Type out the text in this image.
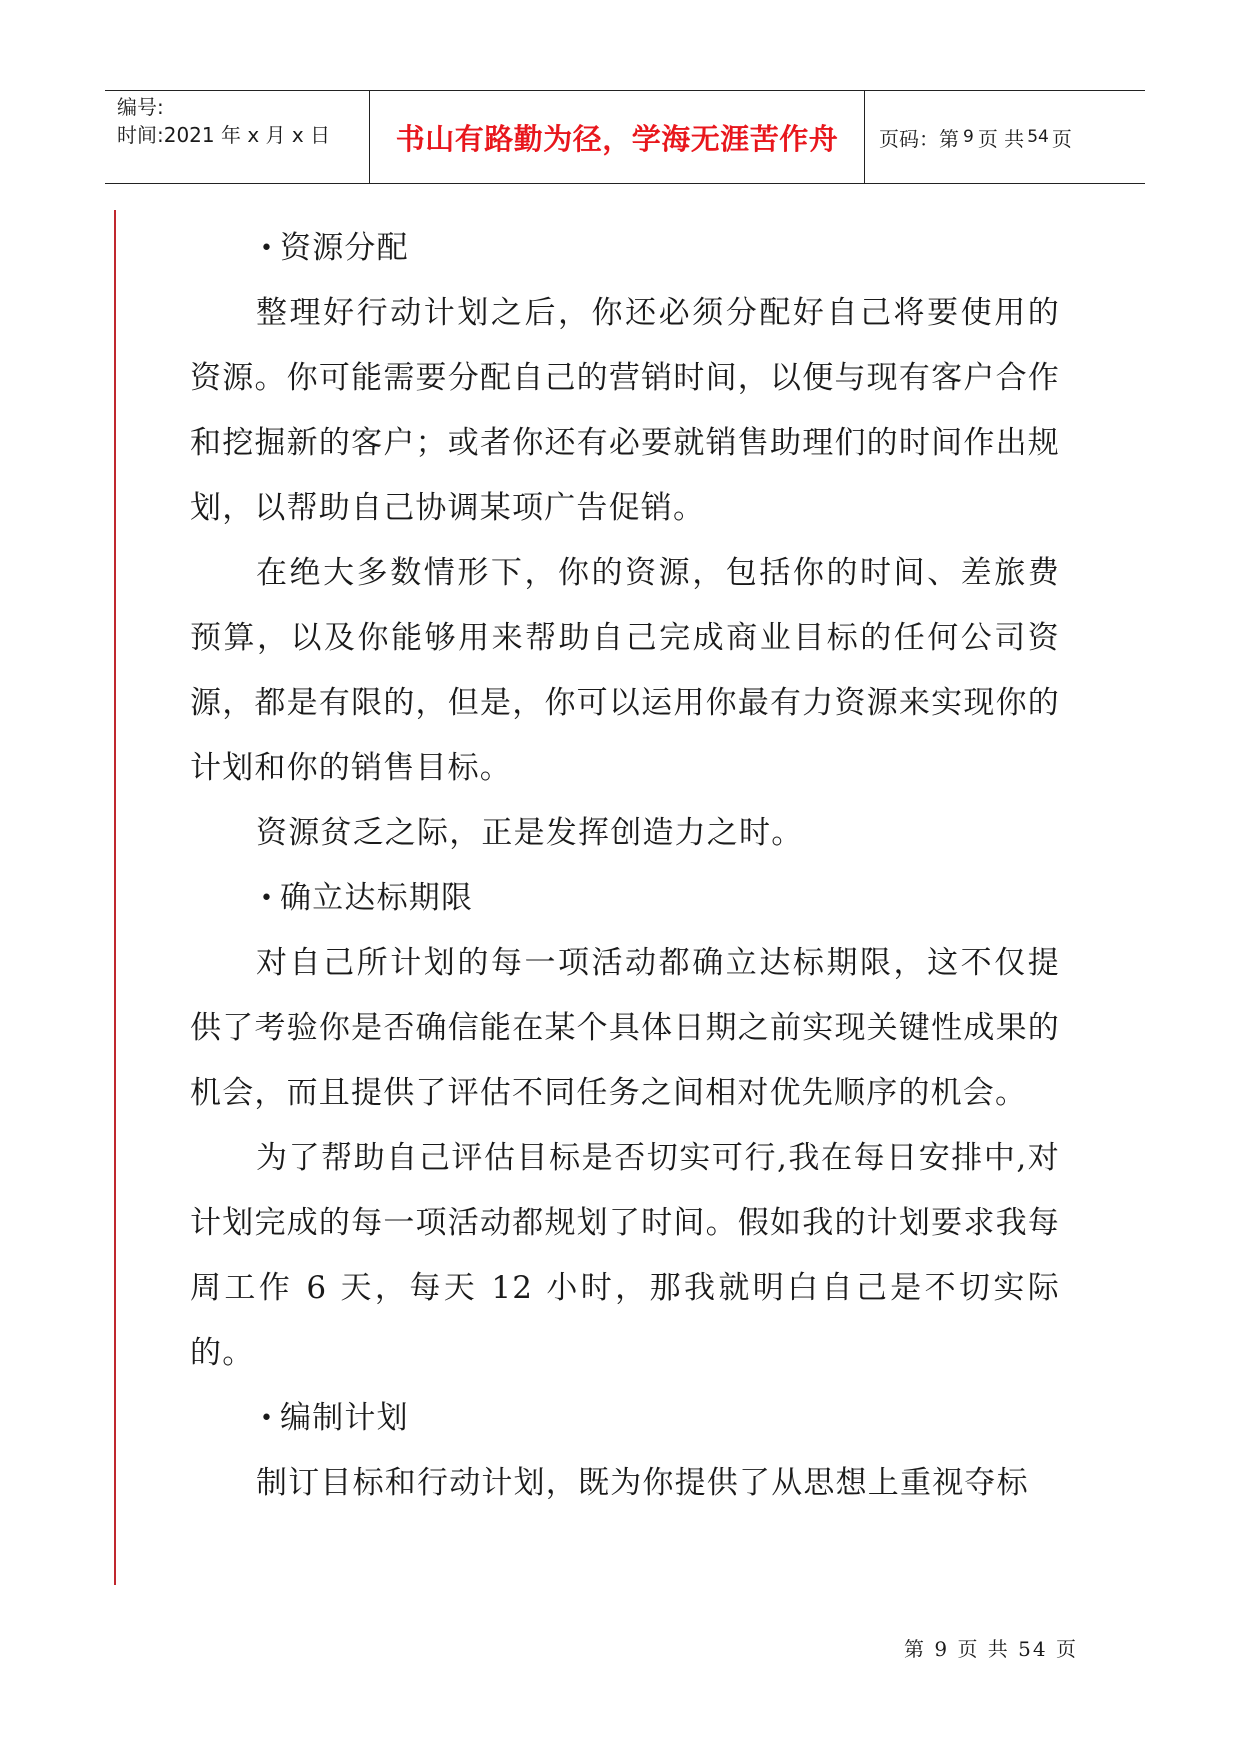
编号:
时间:2021 年 x 月 x 日 书山有路勤为径，学海无涯苦作舟 页码：第 9 页 共 54 页

• 资源分配

整理好行动计划之后，你还必须分配好自己将要使用的资源。你可能需要分配自己的营销时间，以便与现有客户合作和挖掘新的客户；或者你还有必要就销售助理们的时间作出规划，以帮助自己协调某项广告促销。

在绝大多数情形下，你的资源，包括你的时间、差旅费预算，以及你能够用来帮助自己完成商业目标的任何公司资源，都是有限的，但是，你可以运用你最有力资源来实现你的计划和你的销售目标。

资源贫乏之际，正是发挥创造力之时。

• 确立达标期限

对自己所计划的每一项活动都确立达标期限，这不仅提供了考验你是否确信能在某个具体日期之前实现关键性成果的机会，而且提供了评估不同任务之间相对优先顺序的机会。

为了帮助自己评估目标是否切实可行,我在每日安排中,对计划完成的每一项活动都规划了时间。假如我的计划要求我每周工作 6 天，每天 12 小时，那我就明白自己是不切实际的。

• 编制计划

制订目标和行动计划，既为你提供了从思想上重视夺标

第 9 页 共 54 页
